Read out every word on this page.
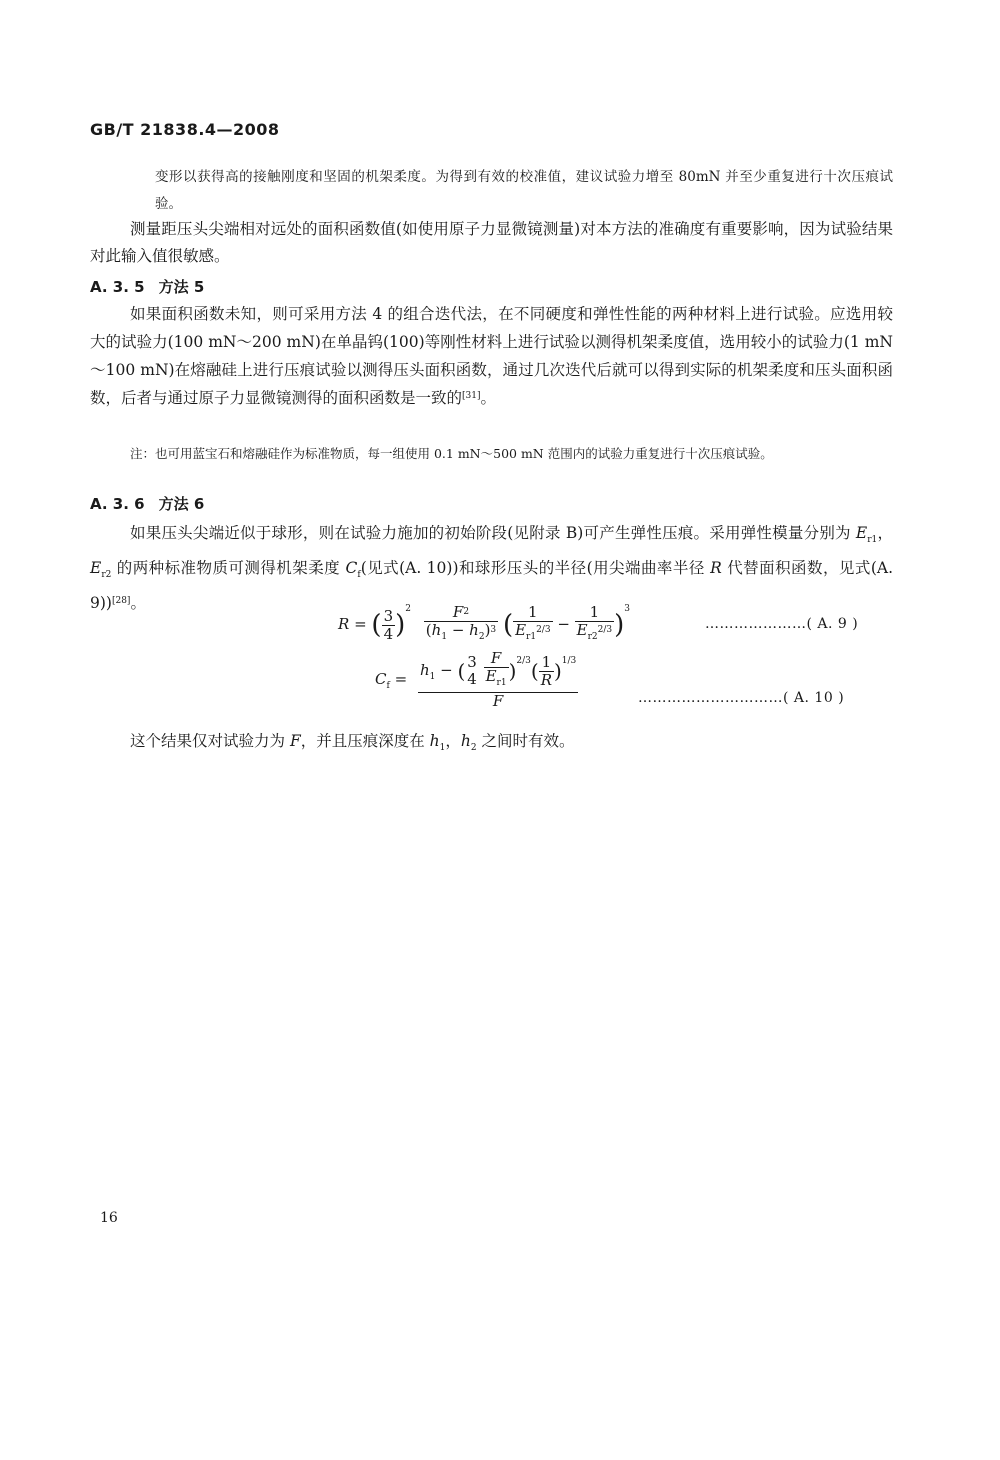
GB/T 21838.4—2008
变形以获得高的接触刚度和坚固的机架柔度。为得到有效的校准值，建议试验力增至 80mN 并至少重复进行十次压痕试验。
测量距压头尖端相对远处的面积函数值(如使用原子力显微镜测量)对本方法的准确度有重要影响，因为试验结果对此输入值很敏感。
A. 3. 5 方法 5
如果面积函数未知，则可采用方法 4 的组合迭代法，在不同硬度和弹性性能的两种材料上进行试验。应选用较大的试验力(100 mN～200 mN)在单晶钨(100)等刚性材料上进行试验以测得机架柔度值，选用较小的试验力(1 mN～100 mN)在熔融硅上进行压痕试验以测得压头面积函数，通过几次迭代后就可以得到实际的机架柔度和压头面积函数，后者与通过原子力显微镜测得的面积函数是一致的[31]。
注：也可用蓝宝石和熔融硅作为标准物质，每一组使用 0.1 mN～500 mN 范围内的试验力重复进行十次压痕试验。
A. 3. 6 方法 6
如果压头尖端近似于球形，则在试验力施加的初始阶段(见附录 B)可产生弹性压痕。采用弹性模量分别为 $E_{r1}$，$E_{r2}$ 的两种标准物质可测得机架柔度 $C_f$(见式(A. 10))和球形压头的半径(用尖端曲率半径 R 代替面积函数，见式(A. 9))[28]。
R = ( $\frac{3}{4} )^2 \frac{F^2}{(h_1 - h_2)^3}$ ( $\frac{1}{E_{r1}^{2/3}} - \frac{1}{E_{r2}^{2/3}} )^3$
…………………( A. 9 )
$C_f = h_1$ − ( 3
4
$\frac{F}{E_{r1}} )^{2/3}( \frac{1}{R} )^{1/3}$
F	…………………………( A. 10 )
这个结果仅对试验力为 F，并且压痕深度在 $h_1$，$h_2$ 之间时有效。
16
